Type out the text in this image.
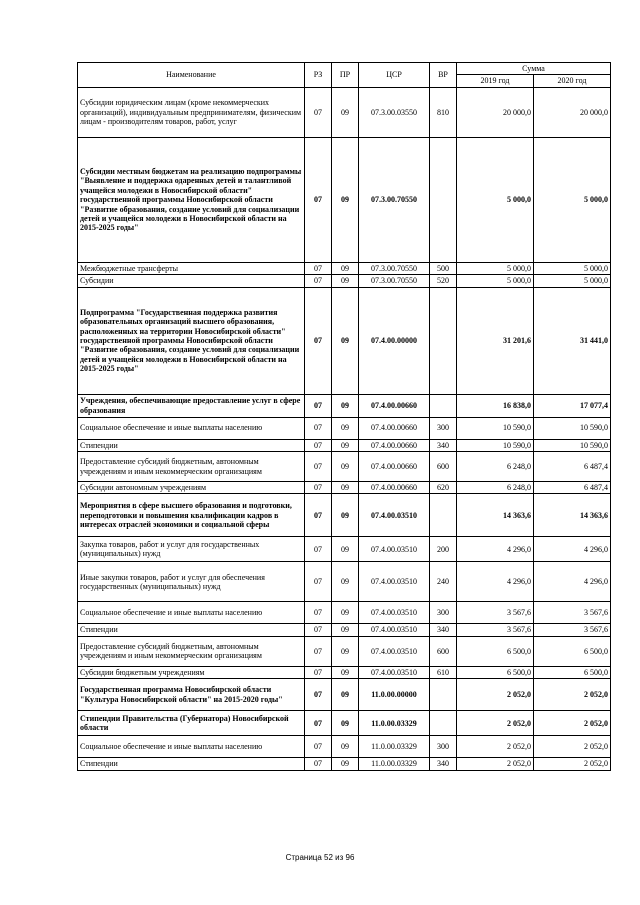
Наименование	РЗ	ПР	ЦСР	ВР	Сумма	
					2019 год	2020 год
Субсидии юридическим лицам (кроме некоммерческих организаций), индивидуальным предпринимателям, физическим лицам - производителям товаров, работ, услуг	07	09	07.3.00.03550	810	20 000,0	20 000,0
Субсидии местным бюджетам на реализацию подпрограммы "Выявление и поддержка одаренных детей и талантливой учащейся молодежи в Новосибирской области" государственной программы Новосибирской области "Развитие образования, создание условий для социализации детей и учащейся молодежи в Новосибирской области на 2015-2025 годы"	07	09	07.3.00.70550		5 000,0	5 000,0
Межбюджетные трансферты	07	09	07.3.00.70550	500	5 000,0	5 000,0
Субсидии	07	09	07.3.00.70550	520	5 000,0	5 000,0
Подпрограмма "Государственная поддержка развития образовательных организаций высшего образования, расположенных на территории Новосибирской области" государственной программы Новосибирской области "Развитие образования, создание условий для социализации детей и учащейся молодежи в Новосибирской области на 2015-2025 годы"	07	09	07.4.00.00000		31 201,6	31 441,0
Учреждения, обеспечивающие предоставление услуг в сфере образования	07	09	07.4.00.00660		16 838,0	17 077,4
Социальное обеспечение и иные выплаты населению	07	09	07.4.00.00660	300	10 590,0	10 590,0
Стипендии	07	09	07.4.00.00660	340	10 590,0	10 590,0
Предоставление субсидий бюджетным, автономным учреждениям и иным некоммерческим организациям	07	09	07.4.00.00660	600	6 248,0	6 487,4
Субсидии автономным учреждениям	07	09	07.4.00.00660	620	6 248,0	6 487,4
Мероприятия в сфере высшего образования и подготовки, переподготовки и повышения квалификации кадров в интересах отраслей экономики и социальной сферы	07	09	07.4.00.03510		14 363,6	14 363,6
Закупка товаров, работ и услуг для государственных (муниципальных) нужд	07	09	07.4.00.03510	200	4 296,0	4 296,0
Иные закупки товаров, работ и услуг для обеспечения государственных (муниципальных) нужд	07	09	07.4.00.03510	240	4 296,0	4 296,0
Социальное обеспечение и иные выплаты населению	07	09	07.4.00.03510	300	3 567,6	3 567,6
Стипендии	07	09	07.4.00.03510	340	3 567,6	3 567,6
Предоставление субсидий бюджетным, автономным учреждениям и иным некоммерческим организациям	07	09	07.4.00.03510	600	6 500,0	6 500,0
Субсидии бюджетным учреждениям	07	09	07.4.00.03510	610	6 500,0	6 500,0
Государственная программа Новосибирской области "Культура Новосибирской области" на 2015-2020 годы"	07	09	11.0.00.00000		2 052,0	2 052,0
Стипендии Правительства (Губернатора) Новосибирской области	07	09	11.0.00.03329		2 052,0	2 052,0
Социальное обеспечение и иные выплаты населению	07	09	11.0.00.03329	300	2 052,0	2 052,0
Стипендии	07	09	11.0.00.03329	340	2 052,0	2 052,0
Страница 52 из 96
